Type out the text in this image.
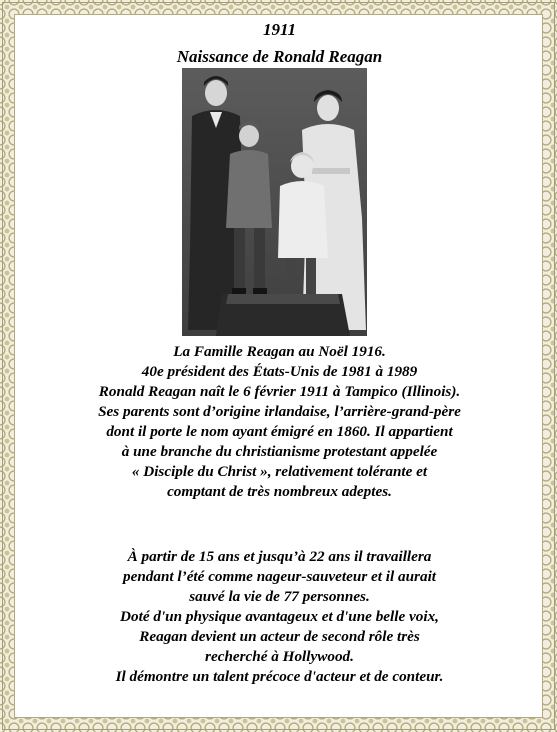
1911

Naissance de Ronald Reagan

La Famille Reagan au Noël 1916.
40e président des États-Unis de 1981 à 1989
Ronald Reagan naît le 6 février 1911 à Tampico (Illinois).
Ses parents sont d’origine irlandaise, l’arrière-grand-père
dont il porte le nom ayant émigré en 1860. Il appartient
à une branche du christianisme protestant appelée
« Disciple du Christ », relativement tolérante et
comptant de très nombreux adeptes.
À partir de 15 ans et jusqu’à 22 ans il travaillera
pendant l’été comme nageur-sauveteur et il aurait
sauvé la vie de 77 personnes.
Doté d'un physique avantageux et d'une belle voix,
Reagan devient un acteur de second rôle très
recherché à Hollywood.
Il démontre un talent précoce d'acteur et de conteur.
